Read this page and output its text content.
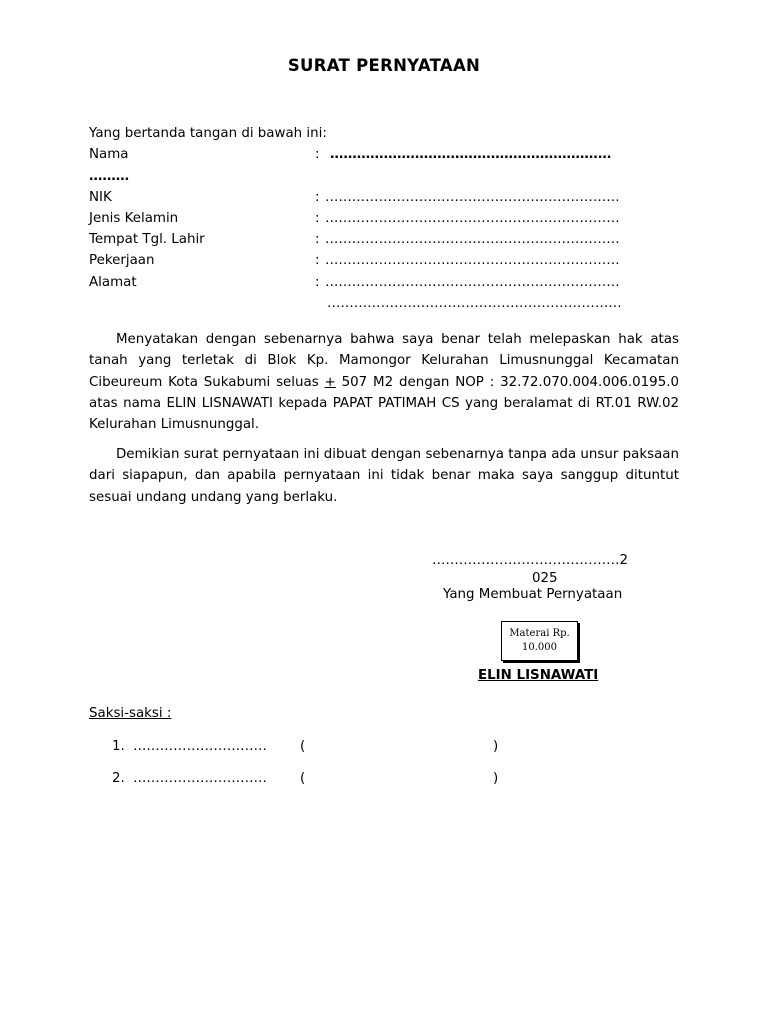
SURAT PERNYATAAN
Yang bertanda tangan di bawah ini:
Nama	: ………………………………………………………
………
NIK	: …………………………………………………………
Jenis Kelamin	: …………………………………………………………
Tempat Tgl. Lahir	: …………………………………………………………
Pekerjaan	: …………………………………………………………
Alamat	: …………………………………………………………
…………………………………………………………

Menyatakan dengan sebenarnya bahwa saya benar telah melepaskan hak atas tanah yang terletak di Blok Kp. Mamongor Kelurahan Limusnunggal Kecamatan Cibeureum Kota Sukabumi seluas + 507 M2 dengan NOP : 32.72.070.004.006.0195.0 atas nama ELIN LISNAWATI kepada PAPAT PATIMAH CS yang beralamat di RT.01 RW.02 Kelurahan Limusnunggal.

Demikian surat pernyataan ini dibuat dengan sebenarnya tanpa ada unsur paksaan dari siapapun, dan apabila pernyataan ini tidak benar maka saya sanggup dituntut sesuai undang undang yang berlaku.

……………………………………2
025
Yang Membuat Pernyataan
Materai Rp.
10.000
ELIN LISNAWATI
Saksi-saksi :
1. ………………………… (	)
2. ………………………… (	)
